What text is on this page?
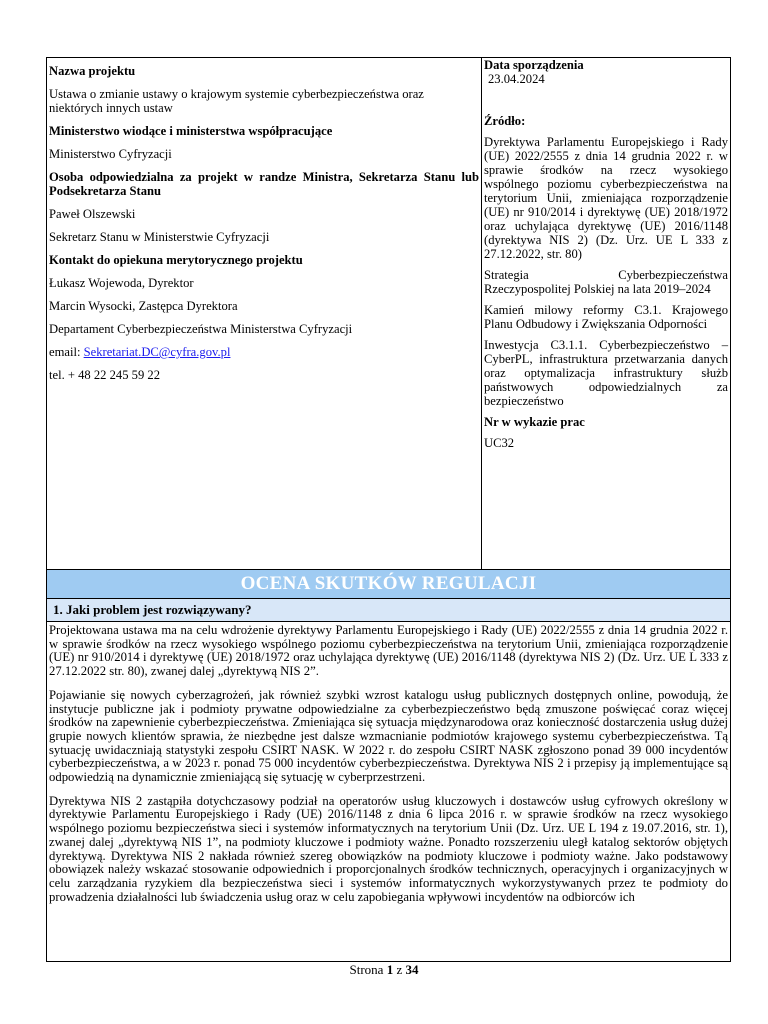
Nazwa projektu
Ustawa o zmianie ustawy o krajowym systemie cyberbezpieczeństwa oraz niektórych innych ustaw
Ministerstwo wiodące i ministerstwa współpracujące
Ministerstwo Cyfryzacji
Osoba odpowiedzialna za projekt w randze Ministra, Sekretarza Stanu lub Podsekretarza Stanu
Paweł Olszewski
Sekretarz Stanu w Ministerstwie Cyfryzacji
Kontakt do opiekuna merytorycznego projektu
Łukasz Wojewoda, Dyrektor
Marcin Wysocki, Zastępca Dyrektora
Departament Cyberbezpieczeństwa Ministerstwa Cyfryzacji
email: Sekretariat.DC@cyfra.gov.pl
tel. + 48 22 245 59 22

Data sporządzenia
23.04.2024
Źródło:
Dyrektywa Parlamentu Europejskiego i Rady (UE) 2022/2555 z dnia 14 grudnia 2022 r. w sprawie środków na rzecz wysokiego wspólnego poziomu cyberbezpieczeństwa na terytorium Unii, zmieniająca rozporządzenie (UE) nr 910/2014 i dyrektywę (UE) 2018/1972 oraz uchylająca dyrektywę (UE) 2016/1148 (dyrektywa NIS 2) (Dz. Urz. UE L 333 z 27.12.2022, str. 80)
Strategia Cyberbezpieczeństwa Rzeczypospolitej Polskiej na lata 2019–2024
Kamień milowy reformy C3.1. Krajowego Planu Odbudowy i Zwiększania Odporności
Inwestycja C3.1.1. Cyberbezpieczeństwo – CyberPL, infrastruktura przetwarzania danych oraz optymalizacja infrastruktury służb państwowych odpowiedzialnych za bezpieczeństwo
Nr w wykazie prac
UC32

OCENA SKUTKÓW REGULACJI
1. Jaki problem jest rozwiązywany?

Projektowana ustawa ma na celu wdrożenie dyrektywy Parlamentu Europejskiego i Rady (UE) 2022/2555 z dnia 14 grudnia 2022 r. w sprawie środków na rzecz wysokiego wspólnego poziomu cyberbezpieczeństwa na terytorium Unii, zmieniająca rozporządzenie (UE) nr 910/2014 i dyrektywę (UE) 2018/1972 oraz uchylająca dyrektywę (UE) 2016/1148 (dyrektywa NIS 2) (Dz. Urz. UE L 333 z 27.12.2022 str. 80), zwanej dalej „dyrektywą NIS 2”.
Pojawianie się nowych cyberzagrożeń, jak również szybki wzrost katalogu usług publicznych dostępnych online, powodują, że instytucje publiczne jak i podmioty prywatne odpowiedzialne za cyberbezpieczeństwo będą zmuszone poświęcać coraz więcej środków na zapewnienie cyberbezpieczeństwa. Zmieniająca się sytuacja międzynarodowa oraz konieczność dostarczenia usług dużej grupie nowych klientów sprawia, że niezbędne jest dalsze wzmacnianie podmiotów krajowego systemu cyberbezpieczeństwa. Tą sytuację uwidaczniają statystyki zespołu CSIRT NASK. W 2022 r. do zespołu CSIRT NASK zgłoszono ponad 39 000 incydentów cyberbezpieczeństwa, a w 2023 r. ponad 75 000 incydentów cyberbezpieczeństwa. Dyrektywa NIS 2 i przepisy ją implementujące są odpowiedzią na dynamicznie zmieniającą się sytuację w cyberprzestrzeni.
Dyrektywa NIS 2 zastąpiła dotychczasowy podział na operatorów usług kluczowych i dostawców usług cyfrowych określony w dyrektywie Parlamentu Europejskiego i Rady (UE) 2016/1148 z dnia 6 lipca 2016 r. w sprawie środków na rzecz wysokiego wspólnego poziomu bezpieczeństwa sieci i systemów informatycznych na terytorium Unii (Dz. Urz. UE L 194 z 19.07.2016, str. 1), zwanej dalej „dyrektywą NIS 1”, na podmioty kluczowe i podmioty ważne. Ponadto rozszerzeniu uległ katalog sektorów objętych dyrektywą. Dyrektywa NIS 2 nakłada również szereg obowiązków na podmioty kluczowe i podmioty ważne. Jako podstawowy obowiązek należy wskazać stosowanie odpowiednich i proporcjonalnych środków technicznych, operacyjnych i organizacyjnych w celu zarządzania ryzykiem dla bezpieczeństwa sieci i systemów informatycznych wykorzystywanych przez te podmioty do prowadzenia działalności lub świadczenia usług oraz w celu zapobiegania wpływowi incydentów na odbiorców ich
Strona 1 z 34
